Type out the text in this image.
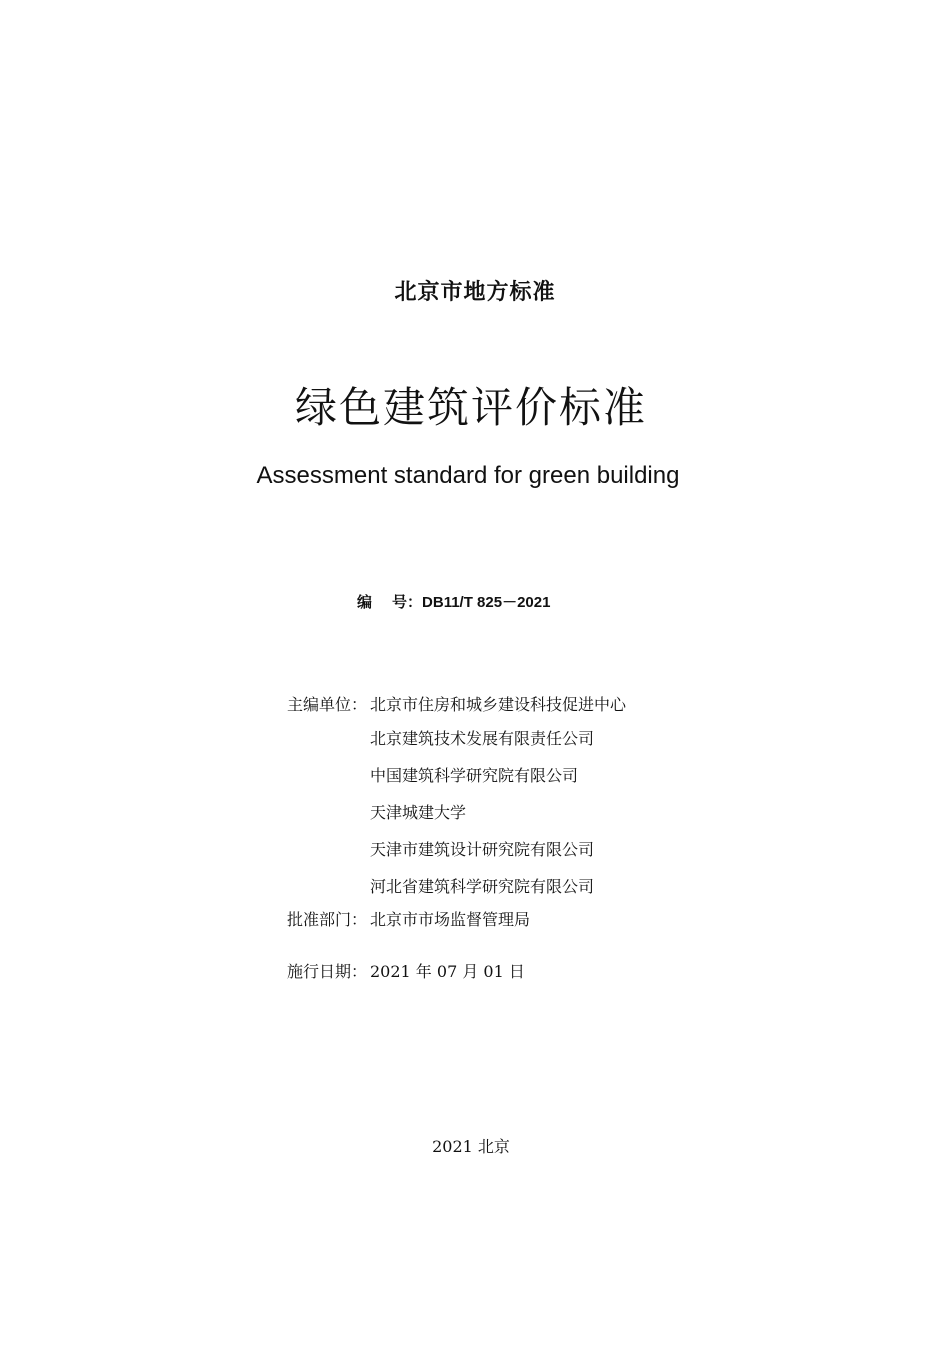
北京市地方标准
绿色建筑评价标准
Assessment standard for green building
编 号：DB11/T 825－2021
主编单位： 北京市住房和城乡建设科技促进中心
北京建筑技术发展有限责任公司
中国建筑科学研究院有限公司
天津城建大学
天津市建筑设计研究院有限公司
河北省建筑科学研究院有限公司
批准部门： 北京市市场监督管理局
施行日期： 2021 年 07 月 01 日
2021 北京
